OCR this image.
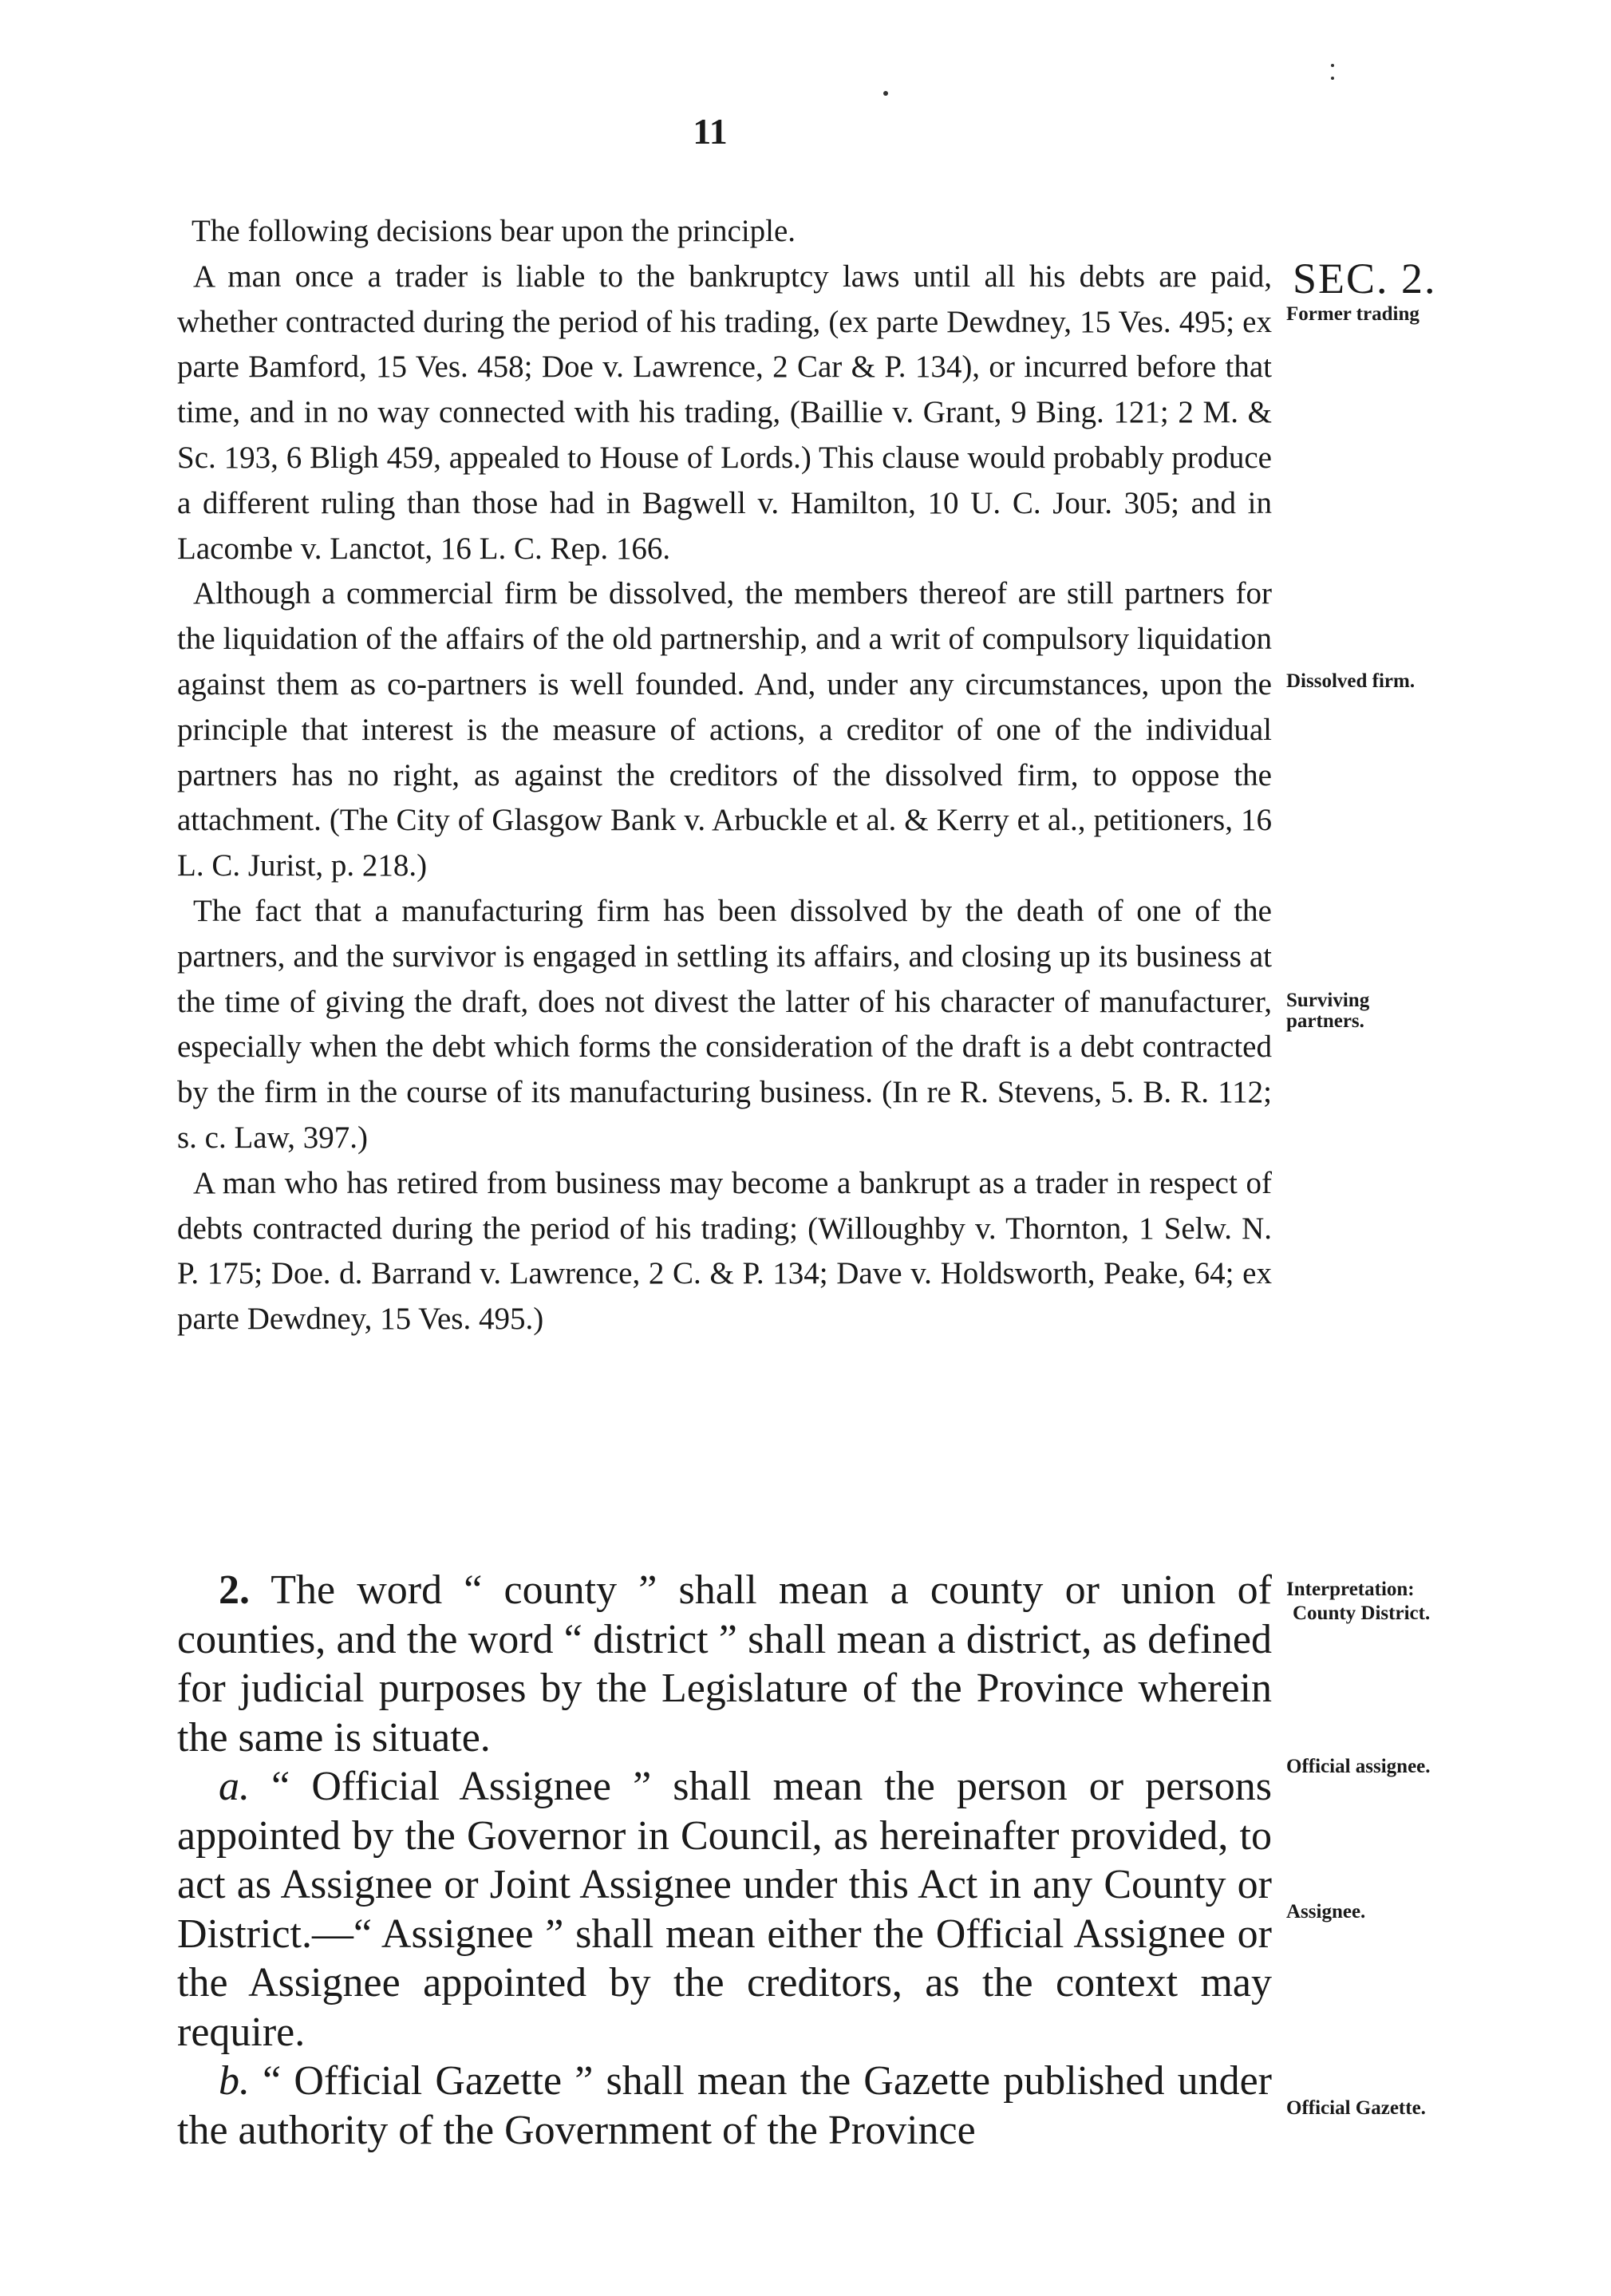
11

The following decisions bear upon the principle.

A man once a trader is liable to the bankruptcy laws until all his debts are paid, whether contracted during the period of his trading, (ex parte Dewdney, 15 Ves. 495; ex parte Bamford, 15 Ves. 458; Doe v. Lawrence, 2 Car & P. 134), or incurred before that time, and in no way connected with his trading, (Baillie v. Grant, 9 Bing. 121; 2 M. & Sc. 193, 6 Bligh 459, appealed to House of Lords.) This clause would probably produce a different ruling than those had in Bagwell v. Hamilton, 10 U. C. Jour. 305; and in Lacombe v. Lanctot, 16 L. C. Rep. 166.

Although a commercial firm be dissolved, the members thereof are still partners for the liquidation of the affairs of the old partnership, and a writ of compulsory liquidation against them as co-partners is well founded. And, under any circumstances, upon the principle that interest is the measure of actions, a creditor of one of the individual partners has no right, as against the creditors of the dissolved firm, to oppose the attachment. (The City of Glasgow Bank v. Arbuckle et al. & Kerry et al., petitioners, 16 L. C. Jurist, p. 218.)

The fact that a manufacturing firm has been dissolved by the death of one of the partners, and the survivor is engaged in settling its affairs, and closing up its business at the time of giving the draft, does not divest the latter of his character of manufacturer, especially when the debt which forms the consideration of the draft is a debt contracted by the firm in the course of its manufacturing business. (In re R. Stevens, 5. B. R. 112; s. c. Law, 397.)

A man who has retired from business may become a bankrupt as a trader in respect of debts contracted during the period of his trading; (Willoughby v. Thornton, 1 Selw. N. P. 175; Doe. d. Barrand v. Lawrence, 2 C. & P. 134; Dave v. Holdsworth, Peake, 64; ex parte Dewdney, 15 Ves. 495.)

2. The word “ county ” shall mean a county or union of counties, and the word “ district ” shall mean a district, as defined for judicial purposes by the Legislature of the Province wherein the same is situate.

a. “ Official Assignee ” shall mean the person or persons appointed by the Governor in Council, as hereinafter provided, to act as Assignee or Joint Assignee under this Act in any County or District.—“ Assignee ” shall mean either the Official Assignee or the Assignee appointed by the creditors, as the context may require.

b. “ Official Gazette ” shall mean the Gazette published under the authority of the Government of the Province

SEC. 2.
Former trading
Dissolved firm.
Surviving
partners.
Interpretation:
County District.
Official assignee.
Assignee.
Official Gazette.
